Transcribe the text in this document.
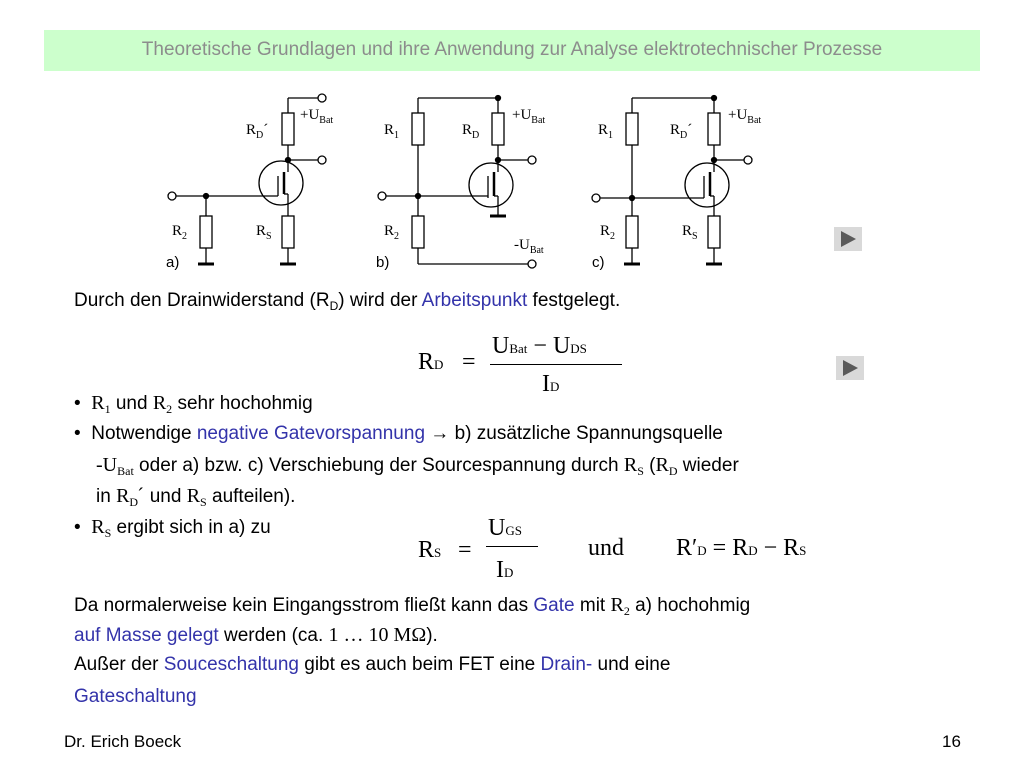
Theoretische Grundlagen und ihre Anwendung zur Analyse elektrotechnischer Prozesse
$R_D´$
$+U_{Bat}$
$R_2$	$R_S$
a)
$R_1$	$R_D$
$+U_{Bat}$
$R_2$
$-U_{Bat}$
b)
$R_1$	$R_D´$
$+U_{Bat}$
$R_2$	$R_S$
c)
Durch den Drainwiderstand $(R_D)$ wird der Arbeitspunkt festgelegt.
RD =
UBat − UDS
ID
•  $R_1$ und $R_2$ sehr hochohmig
•  Notwendige negative Gatevorspannung → b) zusätzliche Spannungsquelle
$-U_{Bat}$ oder a) bzw. c) Verschiebung der Sourcespannung durch $R_S$ ($R_D$ wieder
in $R_D´$ und $R_S$ aufteilen).
•  $R_S$ ergibt sich in a) zu
RS =
UGS
ID
und R′D = RD − RS
Da normalerweise kein Eingangsstrom fließt kann das Gate mit $R_2$ a) hochohmig
auf Masse gelegt werden (ca. 1 … 10 MΩ).
Außer der Souceschaltung gibt es auch beim FET eine Drain- und eine
Gateschaltung
Dr. Erich Boeck	16
